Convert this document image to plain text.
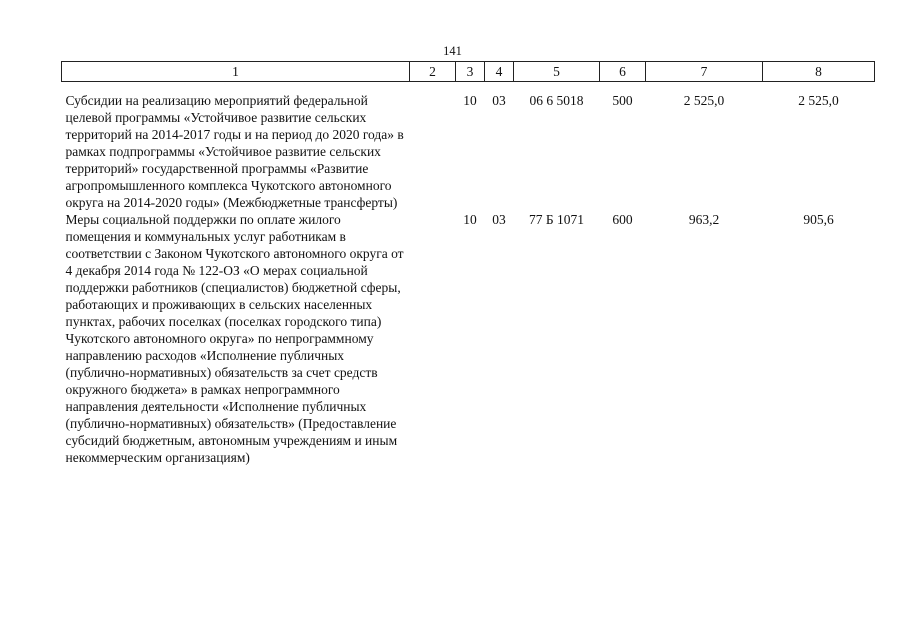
141
1	2	3	4	5	6	7	8
Субсидии на реализацию мероприятий федеральной целевой программы «Устойчивое развитие сельских территорий на 2014-2017 годы и на период до 2020 года» в рамках подпрограммы «Устойчивое развитие сельских территорий» государственной программы «Развитие агропромышленного комплекса Чукотского автономного округа на 2014-2020 годы» (Межбюджетные трансферты)		10	03	06 6 5018	500	2 525,0	2 525,0
Меры социальной поддержки по оплате жилого помещения и коммунальных услуг работникам в соответствии с Законом Чукотского автономного округа от 4 декабря 2014 года № 122-ОЗ «О мерах социальной поддержки работников (специалистов) бюджетной сферы, работающих и проживающих в сельских населенных пунктах, рабочих поселках (поселках городского типа) Чукотского автономного округа» по непрограммному направлению расходов «Исполнение публичных (публично-нормативных) обязательств за счет средств окружного бюджета» в рамках непрограммного направления деятельности «Исполнение публичных (публично-нормативных) обязательств» (Предоставление субсидий бюджетным, автономным учреждениям и иным некоммерческим организациям)		10	03	77 Б 1071	600	963,2	905,6
